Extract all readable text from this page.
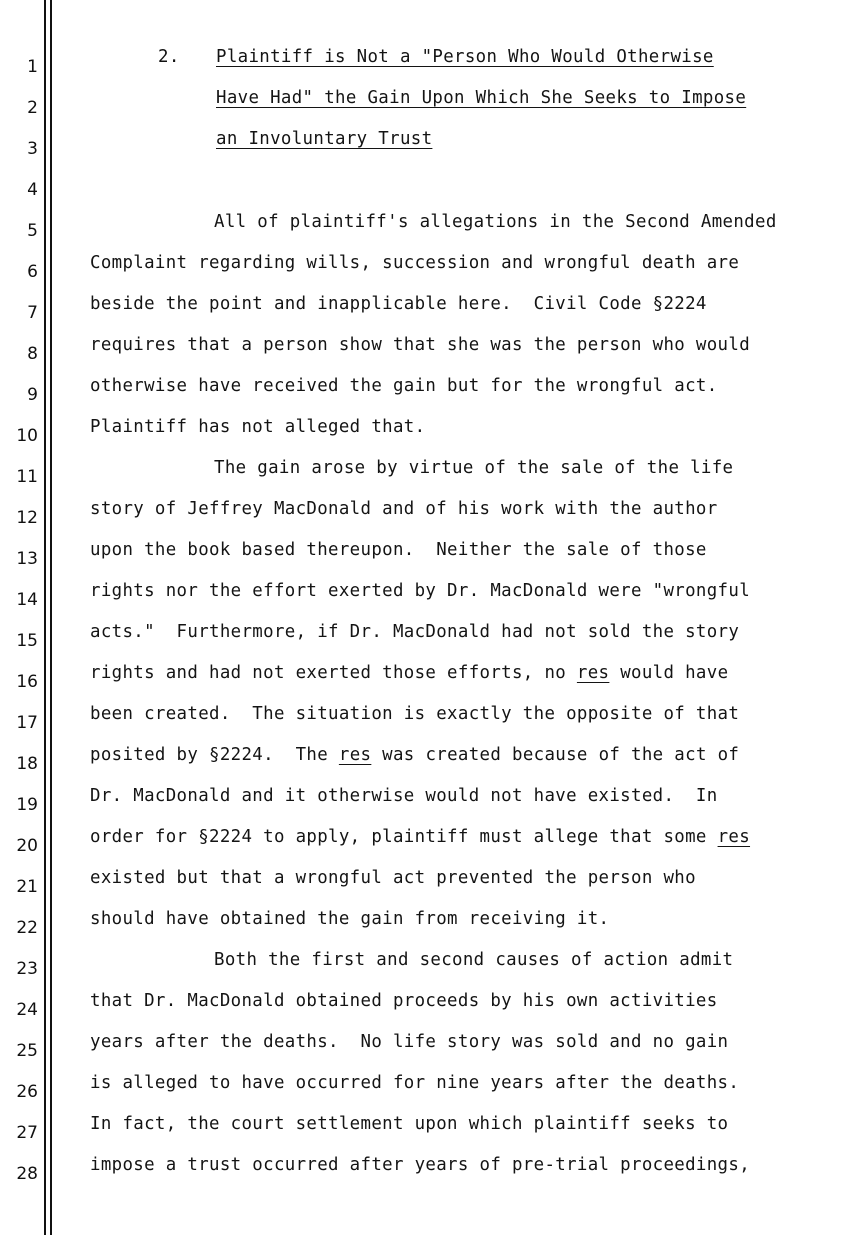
1
2
3
4
5
6
7
8
9
10
11
12
13
14
15
16
17
18
19
20
21
22
23
24
25
26
27
28
2. Plaintiff is Not a "Person Who Would Otherwise
Have Had" the Gain Upon Which She Seeks to Impose
an Involuntary Trust
All of plaintiff's allegations in the Second Amended
Complaint regarding wills, succession and wrongful death are
beside the point and inapplicable here.  Civil Code §2224
requires that a person show that she was the person who would
otherwise have received the gain but for the wrongful act.
Plaintiff has not alleged that.
The gain arose by virtue of the sale of the life
story of Jeffrey MacDonald and of his work with the author
upon the book based thereupon.  Neither the sale of those
rights nor the effort exerted by Dr. MacDonald were "wrongful
acts."  Furthermore, if Dr. MacDonald had not sold the story
rights and had not exerted those efforts, no res would have
been created.  The situation is exactly the opposite of that
posited by §2224.  The res was created because of the act of
Dr. MacDonald and it otherwise would not have existed.  In
order for §2224 to apply, plaintiff must allege that some res
existed but that a wrongful act prevented the person who
should have obtained the gain from receiving it.
Both the first and second causes of action admit
that Dr. MacDonald obtained proceeds by his own activities
years after the deaths.  No life story was sold and no gain
is alleged to have occurred for nine years after the deaths.
In fact, the court settlement upon which plaintiff seeks to
impose a trust occurred after years of pre-trial proceedings,
